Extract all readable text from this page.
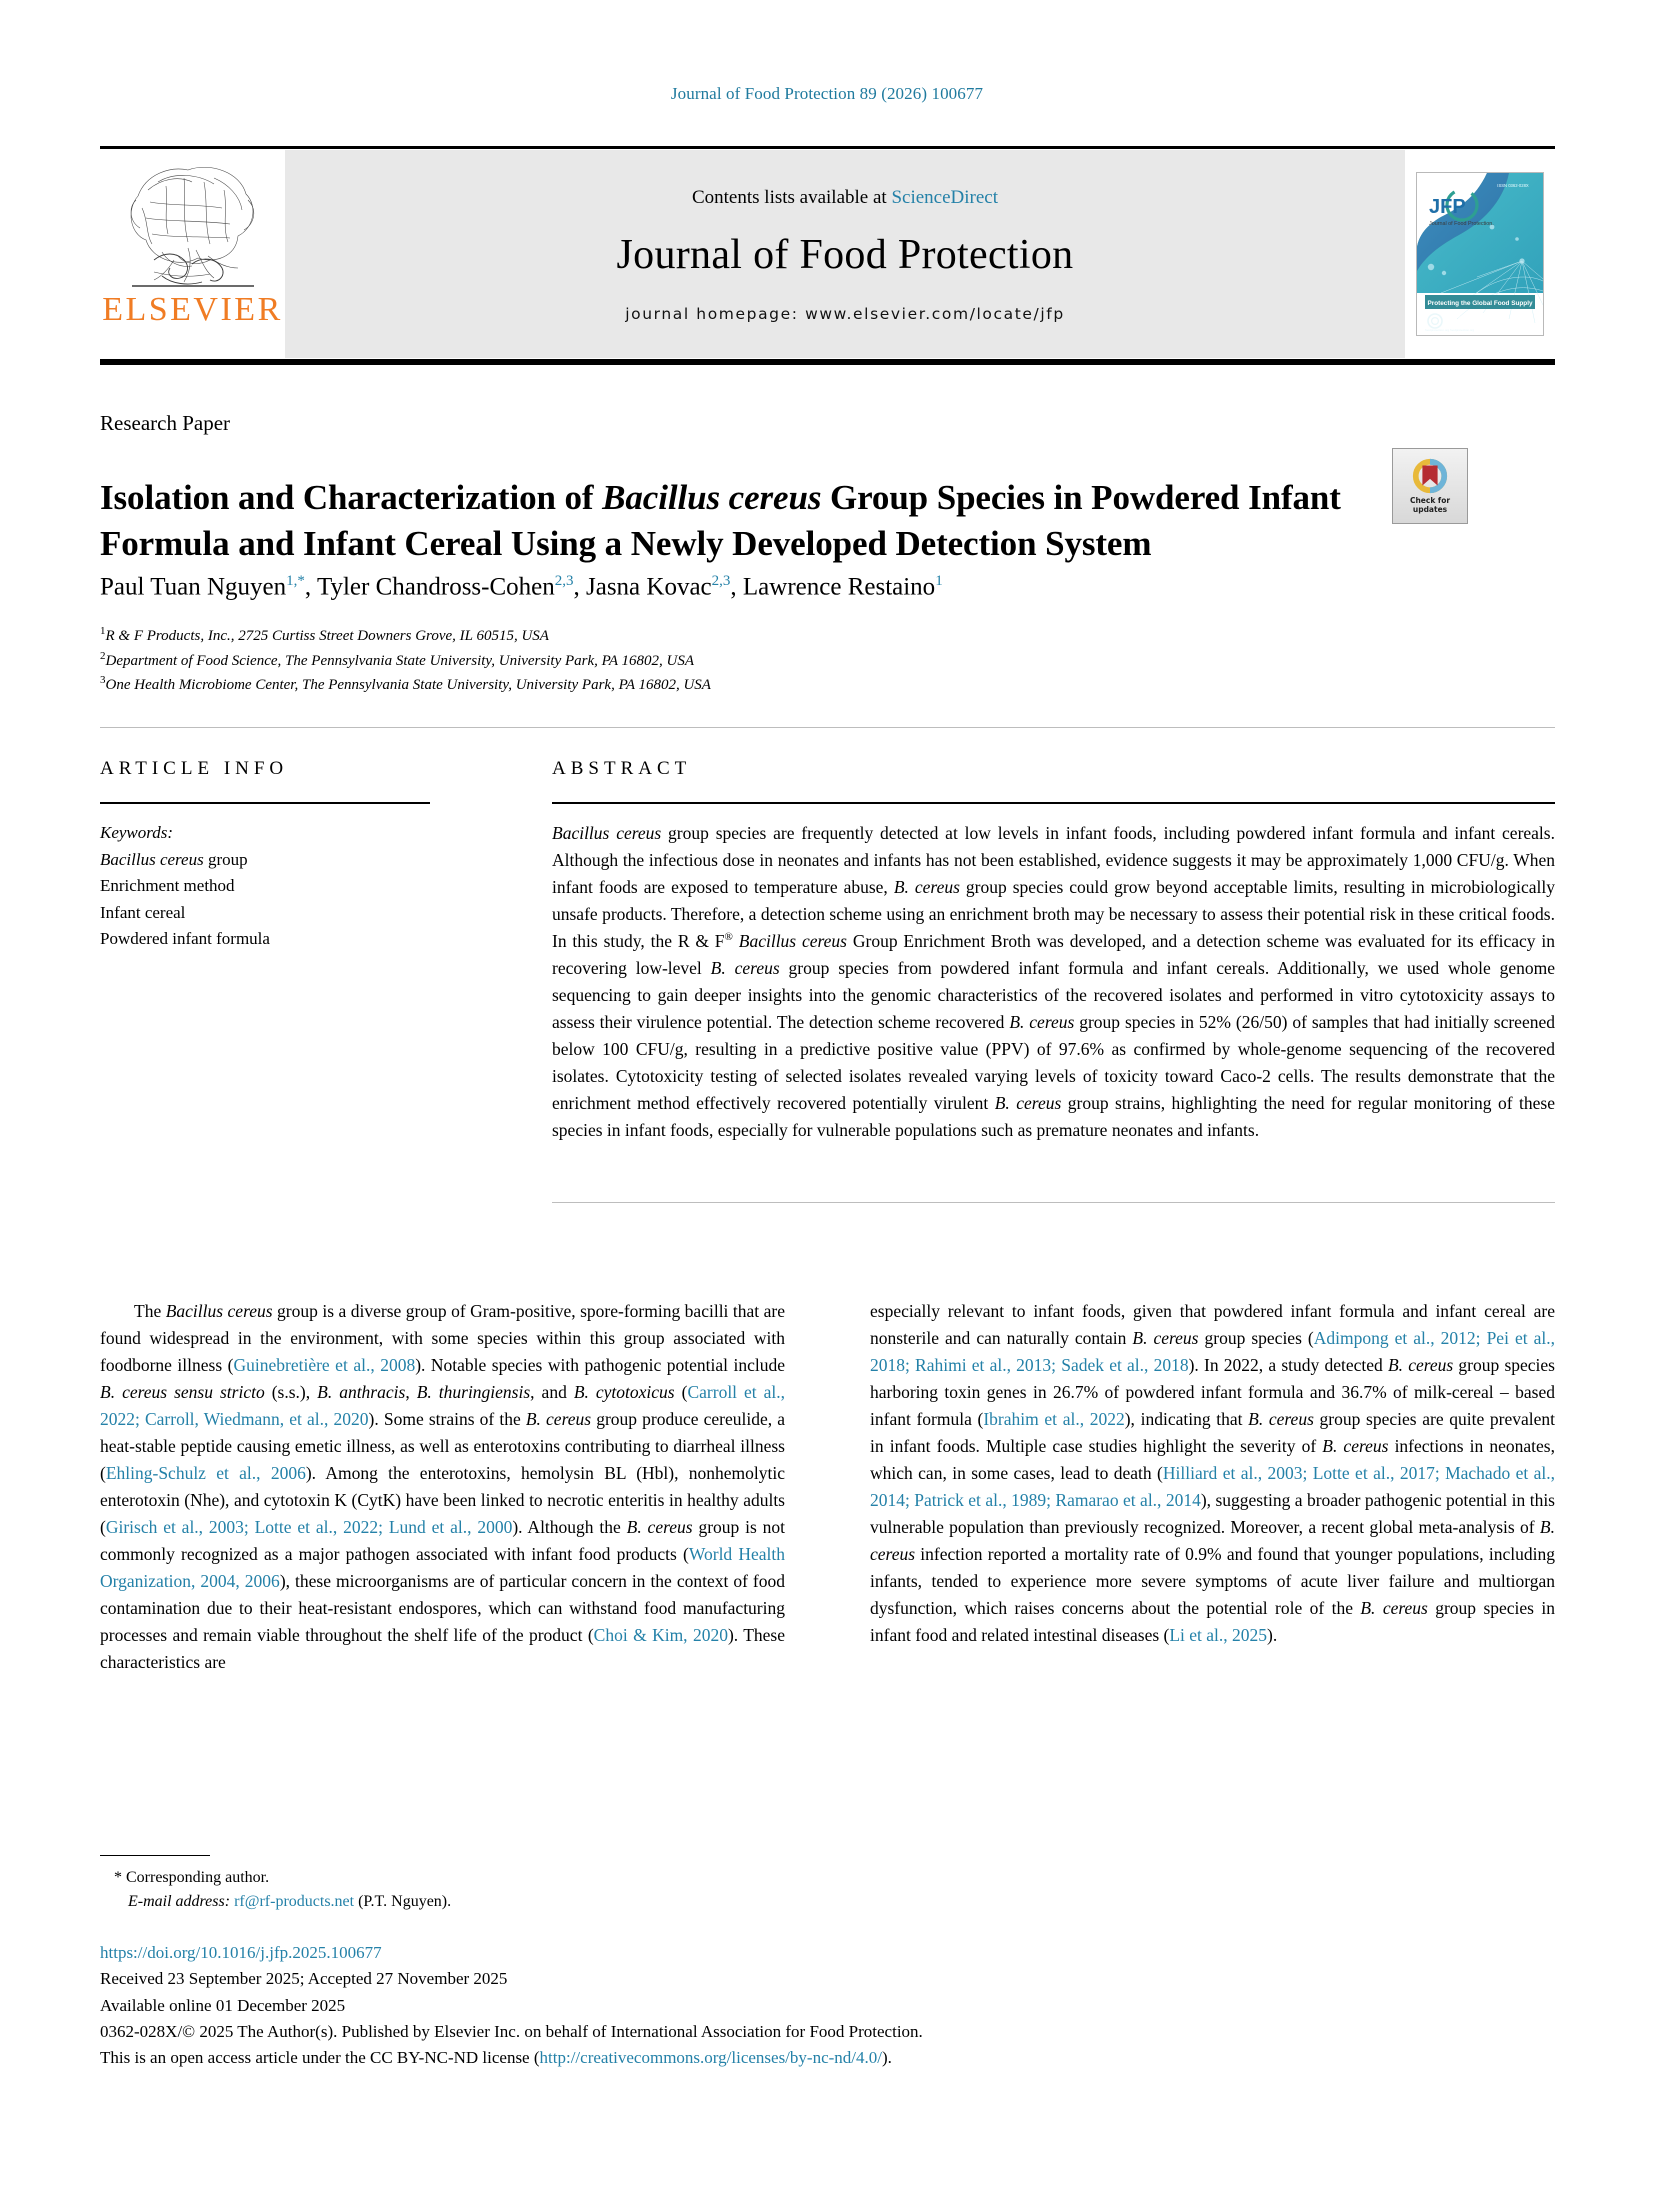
Journal of Food Protection 89 (2026) 100677
ELSEVIER
Contents lists available at ScienceDirect
Journal of Food Protection
journal homepage: www.elsevier.com/locate/jfp
JFP
Journal of Food Protection.
ISSN 0362-028X
Protecting the Global Food Supply
International Association for
Food Protection
foodprotection.org foodprotection.org
Research Paper
Isolation and Characterization of Bacillus cereus Group Species in Powdered Infant Formula and Infant Cereal Using a Newly Developed Detection System
Check for
updates
Paul Tuan Nguyen$^{1,*}$, Tyler Chandross-Cohen$^{2,3}$, Jasna Kovac$^{2,3}$, Lawrence Restaino$^1$
$^1$R & F Products, Inc., 2725 Curtiss Street Downers Grove, IL 60515, USA
$^2$Department of Food Science, The Pennsylvania State University, University Park, PA 16802, USA
$^3$One Health Microbiome Center, The Pennsylvania State University, University Park, PA 16802, USA
ARTICLE INFO
Keywords:
Bacillus cereus group
Enrichment method
Infant cereal
Powdered infant formula
ABSTRACT
Bacillus cereus group species are frequently detected at low levels in infant foods, including powdered infant formula and infant cereals. Although the infectious dose in neonates and infants has not been established, evidence suggests it may be approximately 1,000 CFU/g. When infant foods are exposed to temperature abuse, B. cereus group species could grow beyond acceptable limits, resulting in microbiologically unsafe products. Therefore, a detection scheme using an enrichment broth may be necessary to assess their potential risk in these critical foods. In this study, the R & F® Bacillus cereus Group Enrichment Broth was developed, and a detection scheme was evaluated for its efficacy in recovering low-level B. cereus group species from powdered infant formula and infant cereals. Additionally, we used whole genome sequencing to gain deeper insights into the genomic characteristics of the recovered isolates and performed in vitro cytotoxicity assays to assess their virulence potential. The detection scheme recovered B. cereus group species in 52% (26/50) of samples that had initially screened below 100 CFU/g, resulting in a predictive positive value (PPV) of 97.6% as confirmed by whole-genome sequencing of the recovered isolates. Cytotoxicity testing of selected isolates revealed varying levels of toxicity toward Caco-2 cells. The results demonstrate that the enrichment method effectively recovered potentially virulent B. cereus group strains, highlighting the need for regular monitoring of these species in infant foods, especially for vulnerable populations such as premature neonates and infants.

The Bacillus cereus group is a diverse group of Gram-positive, spore-forming bacilli that are found widespread in the environment, with some species within this group associated with foodborne illness (Guinebretière et al., 2008). Notable species with pathogenic potential include B. cereus sensu stricto (s.s.), B. anthracis, B. thuringiensis, and B. cytotoxicus (Carroll et al., 2022; Carroll, Wiedmann, et al., 2020). Some strains of the B. cereus group produce cereulide, a heat-stable peptide causing emetic illness, as well as enterotoxins contributing to diarrheal illness (Ehling-Schulz et al., 2006). Among the enterotoxins, hemolysin BL (Hbl), nonhemolytic enterotoxin (Nhe), and cytotoxin K (CytK) have been linked to necrotic enteritis in healthy adults (Girisch et al., 2003; Lotte et al., 2022; Lund et al., 2000). Although the B. cereus group is not commonly recognized as a major pathogen associated with infant food products (World Health Organization, 2004, 2006), these microorganisms are of particular concern in the context of food contamination due to their heat-resistant endospores, which can withstand food manufacturing processes and remain viable throughout the shelf life of the product (Choi & Kim, 2020). These characteristics are

especially relevant to infant foods, given that powdered infant formula and infant cereal are nonsterile and can naturally contain B. cereus group species (Adimpong et al., 2012; Pei et al., 2018; Rahimi et al., 2013; Sadek et al., 2018). In 2022, a study detected B. cereus group species harboring toxin genes in 26.7% of powdered infant formula and 36.7% of milk-cereal – based infant formula (Ibrahim et al., 2022), indicating that B. cereus group species are quite prevalent in infant foods. Multiple case studies highlight the severity of B. cereus infections in neonates, which can, in some cases, lead to death (Hilliard et al., 2003; Lotte et al., 2017; Machado et al., 2014; Patrick et al., 1989; Ramarao et al., 2014), suggesting a broader pathogenic potential in this vulnerable population than previously recognized. Moreover, a recent global meta-analysis of B. cereus infection reported a mortality rate of 0.9% and found that younger populations, including infants, tended to experience more severe symptoms of acute liver failure and multiorgan dysfunction, which raises concerns about the potential role of the B. cereus group species in infant food and related intestinal diseases (Li et al., 2025).

* Corresponding author.
E-mail address: rf@rf-products.net (P.T. Nguyen).
https://doi.org/10.1016/j.jfp.2025.100677
Received 23 September 2025; Accepted 27 November 2025
Available online 01 December 2025
0362-028X/© 2025 The Author(s). Published by Elsevier Inc. on behalf of International Association for Food Protection.
This is an open access article under the CC BY-NC-ND license (http://creativecommons.org/licenses/by-nc-nd/4.0/).
